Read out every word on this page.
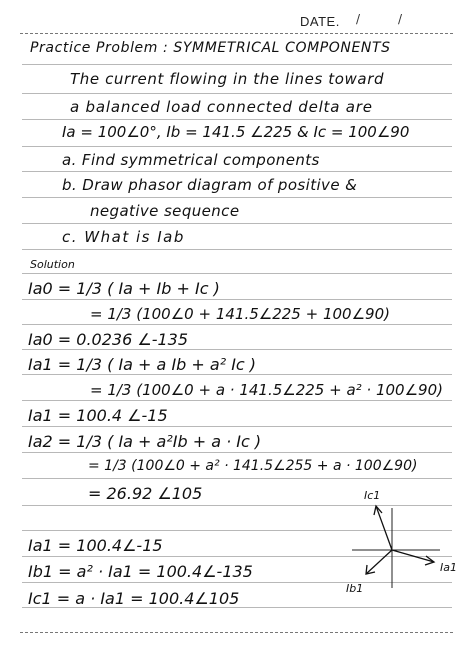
DATE. /	/
Practice Problem : SYMMETRICAL COMPONENTS
The current flowing in the lines toward
a balanced load connected delta are
Ia = 100∠0°, Ib = 141.5 ∠225 & Ic = 100∠90
a. Find symmetrical components
b. Draw phasor diagram of positive &
negative sequence
c. What is Iab
Solution
Ia0 = 1/3 ( Ia + Ib + Ic )
= 1/3 (100∠0 + 141.5∠225 + 100∠90)
Ia0 = 0.0236 ∠-135
Ia1 = 1/3 ( Ia + a Ib + a² Ic )
= 1/3 (100∠0 + a · 141.5∠225 + a² · 100∠90)
Ia1 = 100.4 ∠-15
Ia2 = 1/3 ( Ia + a²Ib + a · Ic )
= 1/3 (100∠0 + a² · 141.5∠255 + a · 100∠90)
= 26.92 ∠105
Ia1 = 100.4∠-15
Ib1 = a² · Ia1 = 100.4∠-135
Ic1 = a · Ia1 = 100.4∠105
Ic1
Ia1
Ib1
